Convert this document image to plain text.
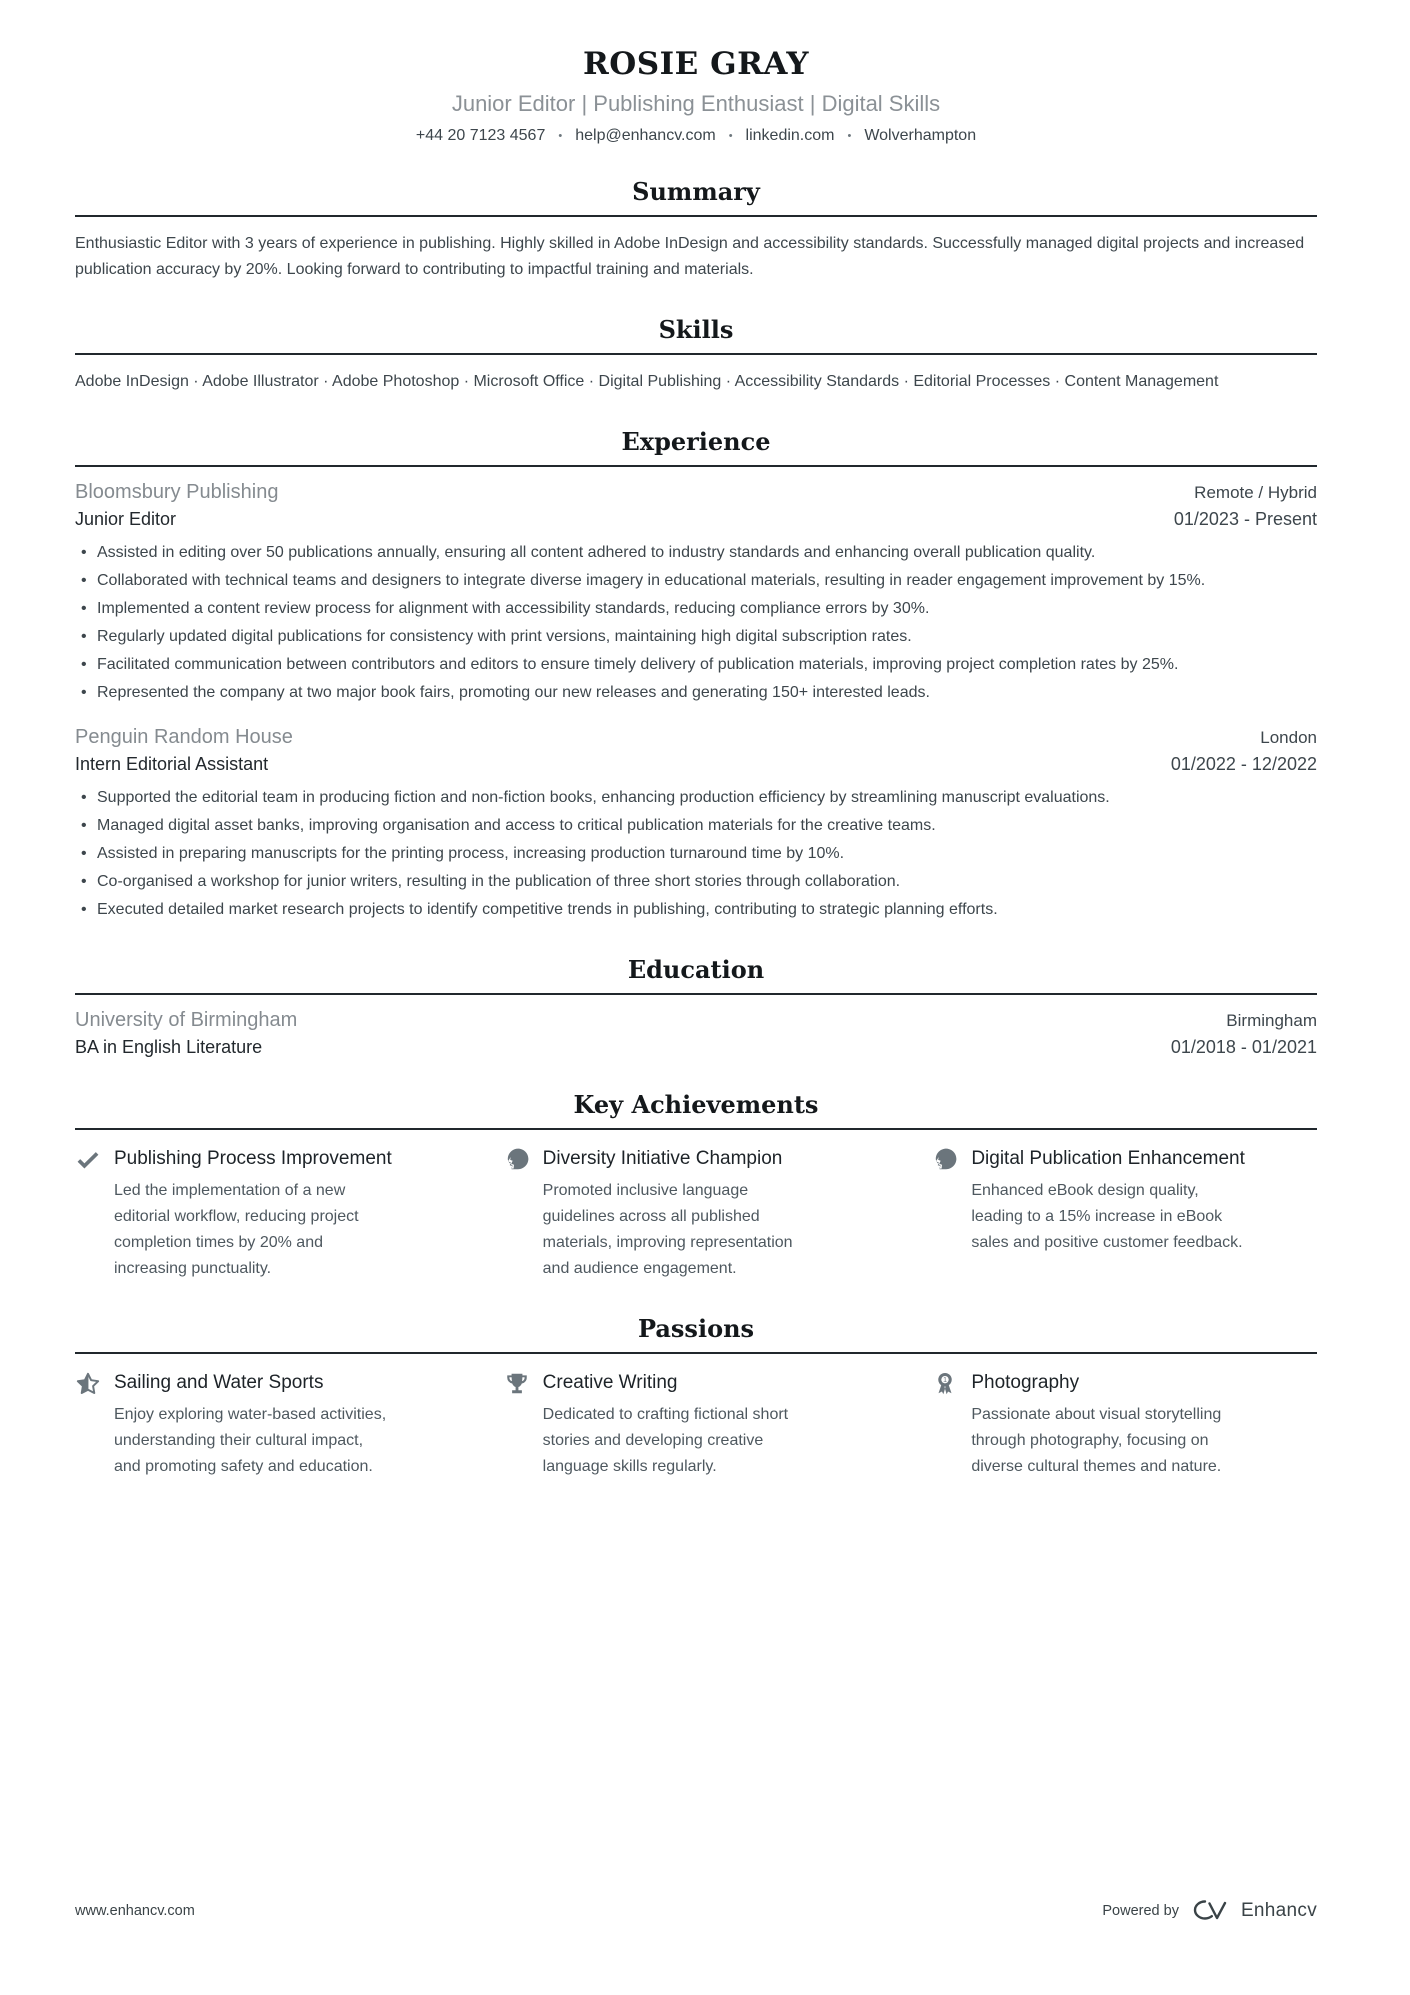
ROSIE GRAY
Junior Editor | Publishing Enthusiast | Digital Skills
+44 20 7123 4567 • help@enhancv.com • linkedin.com • Wolverhampton
Summary

Enthusiastic Editor with 3 years of experience in publishing. Highly skilled in Adobe InDesign and accessibility standards. Successfully managed digital projects and increased publication accuracy by 20%. Looking forward to contributing to impactful training and materials.

Skills

Adobe InDesign · Adobe Illustrator · Adobe Photoshop · Microsoft Office · Digital Publishing · Accessibility Standards · Editorial Processes · Content Management

Experience
Bloomsbury Publishing	Remote / Hybrid
Junior Editor	01/2023 - Present
• Assisted in editing over 50 publications annually, ensuring all content adhered to industry standards and enhancing overall publication quality.
• Collaborated with technical teams and designers to integrate diverse imagery in educational materials, resulting in reader engagement improvement by 15%.
• Implemented a content review process for alignment with accessibility standards, reducing compliance errors by 30%.
• Regularly updated digital publications for consistency with print versions, maintaining high digital subscription rates.
• Facilitated communication between contributors and editors to ensure timely delivery of publication materials, improving project completion rates by 25%.
• Represented the company at two major book fairs, promoting our new releases and generating 150+ interested leads.
Penguin Random House	London
Intern Editorial Assistant	01/2022 - 12/2022
• Supported the editorial team in producing fiction and non-fiction books, enhancing production efficiency by streamlining manuscript evaluations.
• Managed digital asset banks, improving organisation and access to critical publication materials for the creative teams.
• Assisted in preparing manuscripts for the printing process, increasing production turnaround time by 10%.
• Co-organised a workshop for junior writers, resulting in the publication of three short stories through collaboration.
• Executed detailed market research projects to identify competitive trends in publishing, contributing to strategic planning efforts.
Education
University of Birmingham	Birmingham
BA in English Literature	01/2018 - 01/2021
Key Achievements
Publishing Process Improvement
Led the implementation of a new editorial workflow, reducing project completion times by 20% and increasing punctuality.
Diversity Initiative Champion
Promoted inclusive language guidelines across all published materials, improving representation and audience engagement.
Digital Publication Enhancement
Enhanced eBook design quality, leading to a 15% increase in eBook sales and positive customer feedback.
Passions
Sailing and Water Sports
Enjoy exploring water-based activities, understanding their cultural impact, and promoting safety and education.
Creative Writing
Dedicated to crafting fictional short stories and developing creative language skills regularly.
1 Photography
Passionate about visual storytelling through photography, focusing on diverse cultural themes and nature.
www.enhancv.com	Powered by	Enhancv
